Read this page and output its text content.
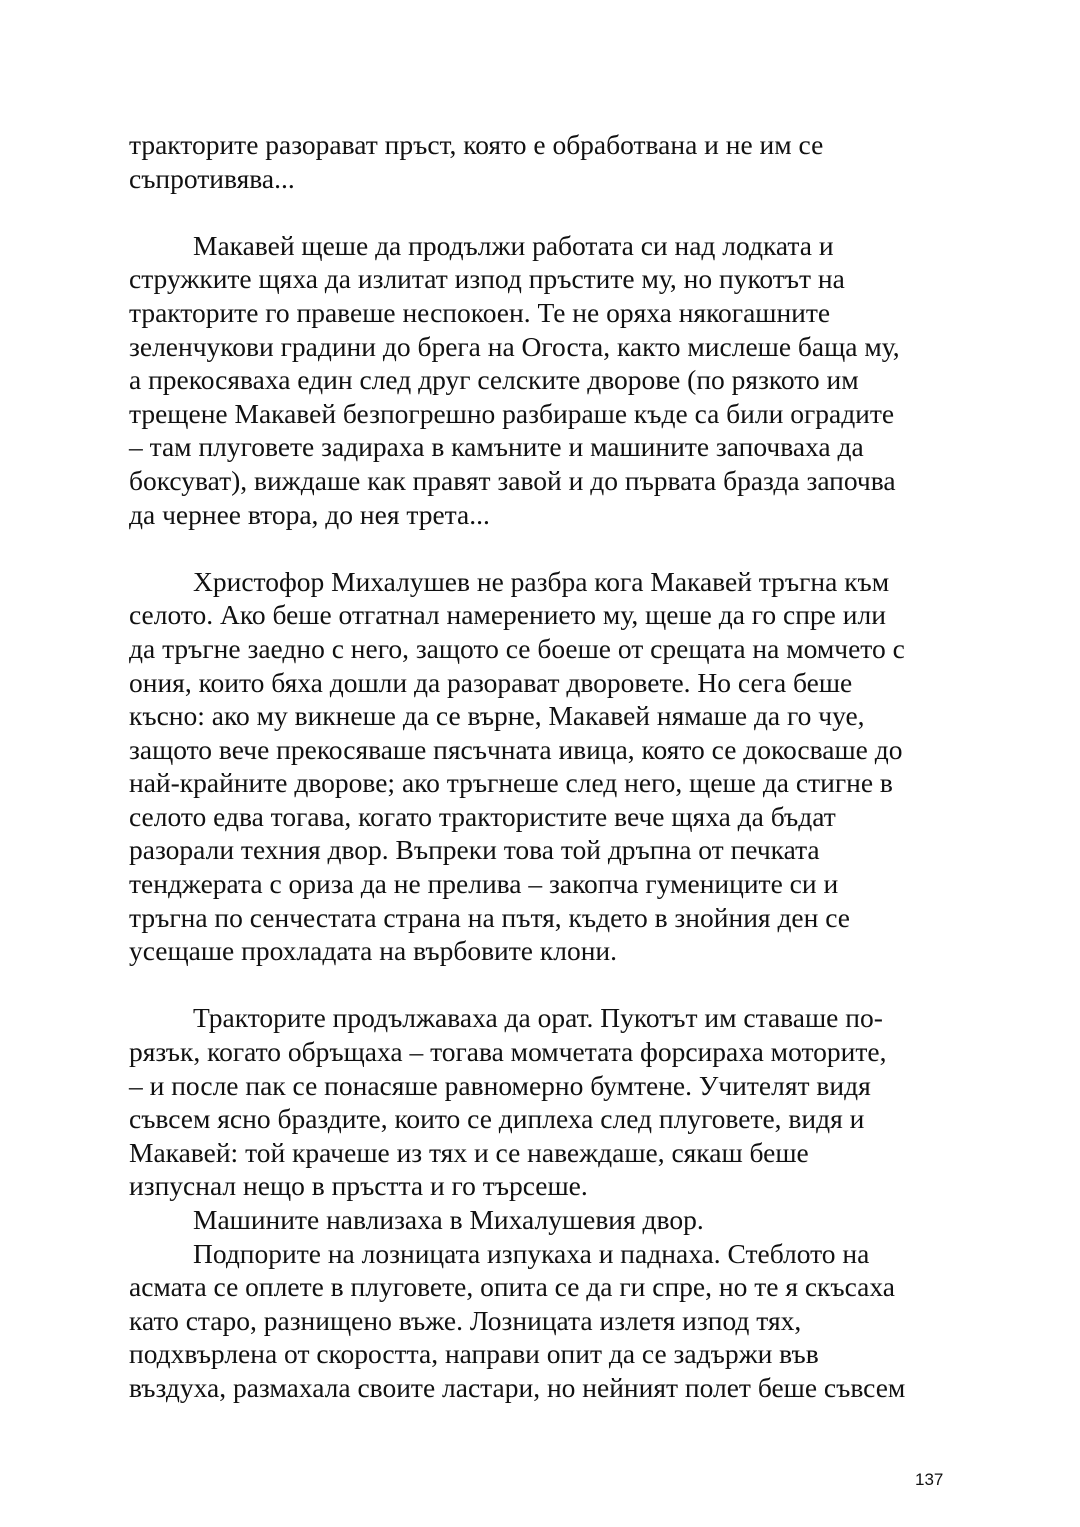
тракторите разорават пръст, която е обработвана и не им се
съпротивява...
Макавей щеше да продължи работата си над лодката и
стружките щяха да излитат изпод пръстите му, но пукотът на
тракторите го правеше неспокоен. Те не оряха някогашните
зеленчукови градини до брега на Огоста, както мислеше баща му,
а прекосяваха един след друг селските дворове (по рязкото им
трещене Макавей безпогрешно разбираше къде са били оградите
– там плуговете задираха в камъните и машините започваха да
боксуват), виждаше как правят завой и до първата бразда започва
да чернее втора, до нея трета...
Христофор Михалушев не разбра кога Макавей тръгна към
селото. Ако беше отгатнал намерението му, щеше да го спре или
да тръгне заедно с него, защото се боеше от срещата на момчето с
ония, които бяха дошли да разорават дворовете. Но сега беше
късно: ако му викнеше да се върне, Макавей нямаше да го чуе,
защото вече прекосяваше пясъчната ивица, която се докосваше до
най-крайните дворове; ако тръгнеше след него, щеше да стигне в
селото едва тогава, когато трактористите вече щяха да бъдат
разорали техния двор. Въпреки това той дръпна от печката
тенджерата с ориза да не прелива – закопча гумениците си и
тръгна по сенчестата страна на пътя, където в знойния ден се
усещаше прохладата на върбовите клони.
Тракторите продължаваха да орат. Пукотът им ставаше по-
рязък, когато обръщаха – тогава момчетата форсираха моторите,
– и после пак се понасяше равномерно бумтене. Учителят видя
съвсем ясно браздите, които се диплеха след плуговете, видя и
Макавей: той крачеше из тях и се навеждаше, сякаш беше
изпуснал нещо в пръстта и го търсеше.
Машините навлизаха в Михалушевия двор.
Подпорите на лозницата изпукаха и паднаха. Стеблото на
асмата се оплете в плуговете, опита се да ги спре, но те я скъсаха
като старо, разнищено въже. Лозницата излетя изпод тях,
подхвърлена от скоростта, направи опит да се задържи във
въздуха, размахала своите ластари, но нейният полет беше съвсем
137
